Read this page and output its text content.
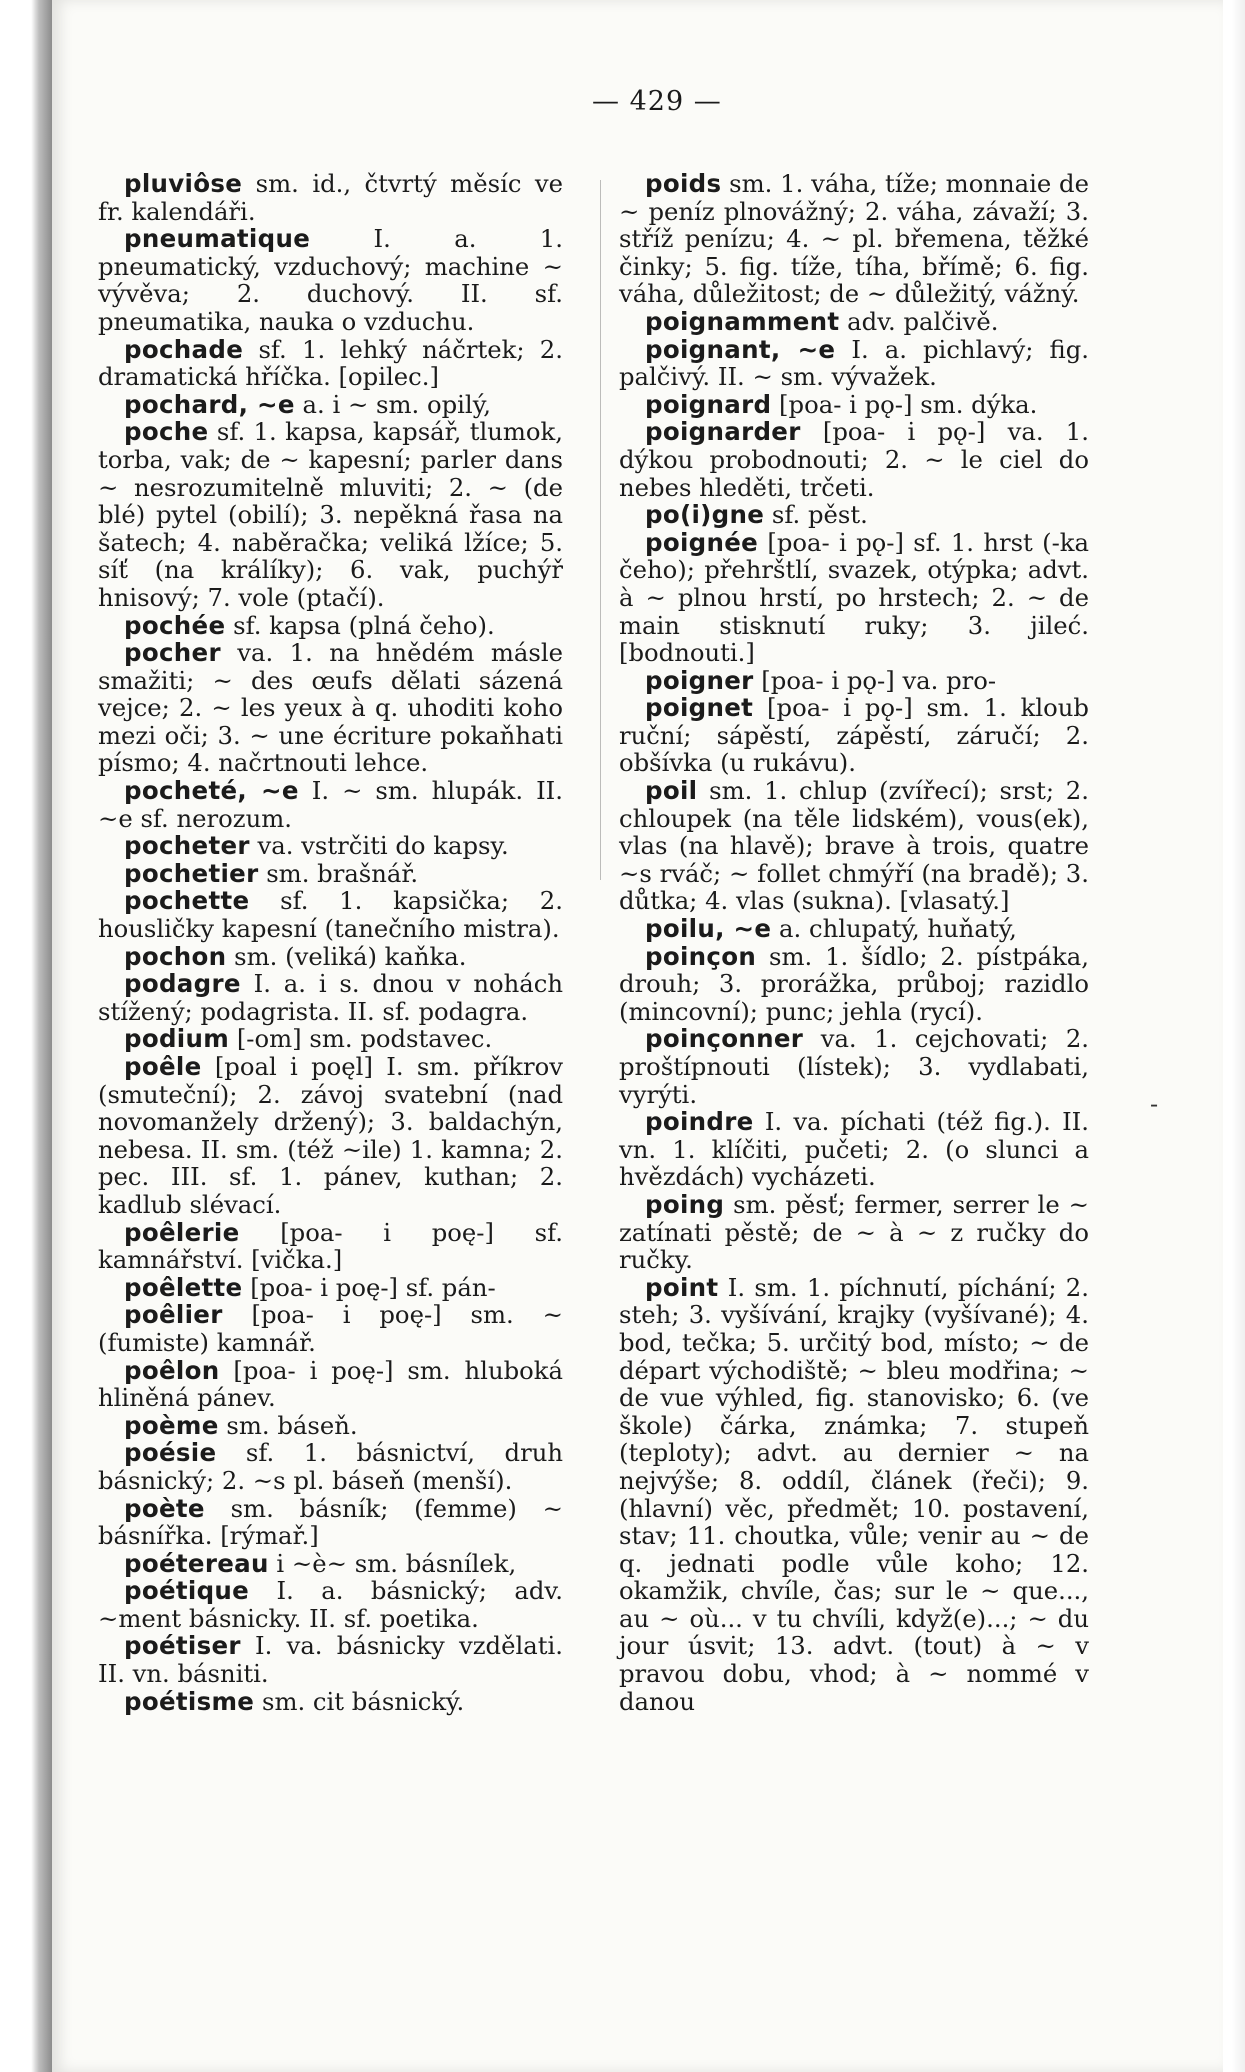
— 429 —

pluviôse sm. id., čtvrtý měsíc ve fr. kalendáři.

pneumatique	I. a. 1. pneumatický, vzduchový; machine ~ vývěva; 2. duchový. II. sf. pneumatika, nauka o vzduchu.

pochade sf. 1. lehký náčrtek; 2. dramatická hříčka. [opilec.]

pochard, ~e a. i ~ sm. opilý,

poche sf. 1. kapsa, kapsář, tlumok, torba, vak; de ~ kapesní; parler dans ~ nesrozumitelně mluviti; 2. ~ (de blé) pytel (obilí); 3. nepěkná řasa na šatech; 4. naběračka; veliká lžíce; 5. síť (na králíky); 6. vak, puchýř hnisový; 7. vole (ptačí).

pochée sf. kapsa (plná čeho).

pocher va. 1. na hnědém másle smažiti; ~ des œufs dělati sázená vejce; 2. ~ les yeux à q. uhoditi koho mezi oči; 3. ~ une écriture pokaňhati písmo; 4. načrtnouti lehce.

pocheté, ~e I. ~ sm. hlupák. II. ~e sf. nerozum.

pocheter va. vstrčiti do kapsy.

pochetier sm. brašnář.

pochette sf. 1. kapsička; 2. housličky kapesní (tanečního mistra).

pochon sm. (veliká) kaňka.

podagre I. a. i s. dnou v nohách stížený; podagrista. II. sf. podagra.

podium [-om] sm. podstavec.

poêle [poal i poęl] I. sm. příkrov (smuteční); 2. závoj svatební (nad novomanžely držený); 3. baldachýn, nebesa. II. sm. (též ~ile) 1. kamna; 2. pec. III. sf. 1. pánev, kuthan; 2. kadlub slévací.

poêlerie [poa- i poę-] sf. kamnářství. [vička.]

poêlette [poa- i poę-] sf. pán-

poêlier [poa- i poę-] sm. ~ (fumiste) kamnář.

poêlon [poa- i poę-] sm. hluboká hliněná pánev.

poème sm. báseň.

poésie sf. 1. básnictví, druh básnický; 2. ~s pl. báseň (menší).

poète sm. básník; (femme) ~ básnířka. [rýmař.]

poétereau i ~è~ sm. básnílek,

poétique I. a. básnický; adv. ~ment básnicky. II. sf. poetika.

poétiser I. va. básnicky vzdělati. II. vn. básniti.

poétisme sm. cit básnický.

poids sm. 1. váha, tíže; monnaie de ~ peníz plnovážný; 2. váha, závaží; 3. stříž penízu; 4. ~ pl. břemena, těžké činky; 5. fig. tíže, tíha, břímě; 6. fig. váha, důležitost; de ~ důležitý, vážný.

poignamment adv. palčivě.

poignant, ~e I. a. pichlavý; fig. palčivý. II. ~ sm. vývažek.

poignard [poa- i pǫ-] sm. dýka.

poignarder [poa- i pǫ-] va. 1. dýkou probodnouti; 2. ~ le ciel do nebes hleděti, trčeti.

po(i)gne sf. pěst.

poignée [poa- i pǫ-] sf. 1. hrst (-ka čeho); přehrštlí, svazek, otýpka; advt. à ~ plnou hrstí, po hrstech; 2. ~ de main stisknutí ruky; 3. jileć. [bodnouti.]

poigner [poa- i pǫ-] va. pro-

poignet [poa- i pǫ-] sm. 1. kloub ruční; sápěstí, zápěstí, záručí; 2. obšívka (u rukávu).

poil sm. 1. chlup (zvířecí); srst; 2. chloupek (na těle lidském), vous(ek), vlas (na hlavě); brave à trois, quatre ~s rváč; ~ follet chmýří (na bradě); 3. důtka; 4. vlas (sukna). [vlasatý.]

poilu, ~e a. chlupatý, huňatý,

poinçon sm. 1. šídlo; 2. pístpáka, drouh; 3. prorážka, průboj; razidlo (mincovní); punc; jehla (rycí).

poinçonner va. 1. cejchovati; 2. proštípnouti (lístek); 3. vydlabati, vyrýti.

poindre I. va. píchati (též fig.). II. vn. 1. klíčiti, pučeti; 2. (o slunci a hvězdách) vycházeti.

poing sm. pěsť; fermer, serrer le ~ zatínati pěstě; de ~ à ~ z ručky do ručky.

point I. sm. 1. píchnutí, píchání; 2. steh; 3. vyšívání, krajky (vyšívané); 4. bod, tečka; 5. určitý bod, místo; ~ de départ východiště; ~ bleu modřina; ~ de vue výhled, fig. stanovisko; 6. (ve škole) čárka, známka; 7. stupeň (teploty); advt. au dernier ~ na nejvýše; 8. oddíl, článek (řeči); 9. (hlavní) věc, předmět; 10. postavení, stav; 11. choutka, vůle; venir au ~ de q. jednati podle vůle koho; 12. okamžik, chvíle, čas; sur le ~ que..., au ~ où... v tu chvíli, když(e)...; ~ du jour úsvit; 13. advt. (tout) à ~ v pravou dobu, vhod; à ~ nommé v danou

-
